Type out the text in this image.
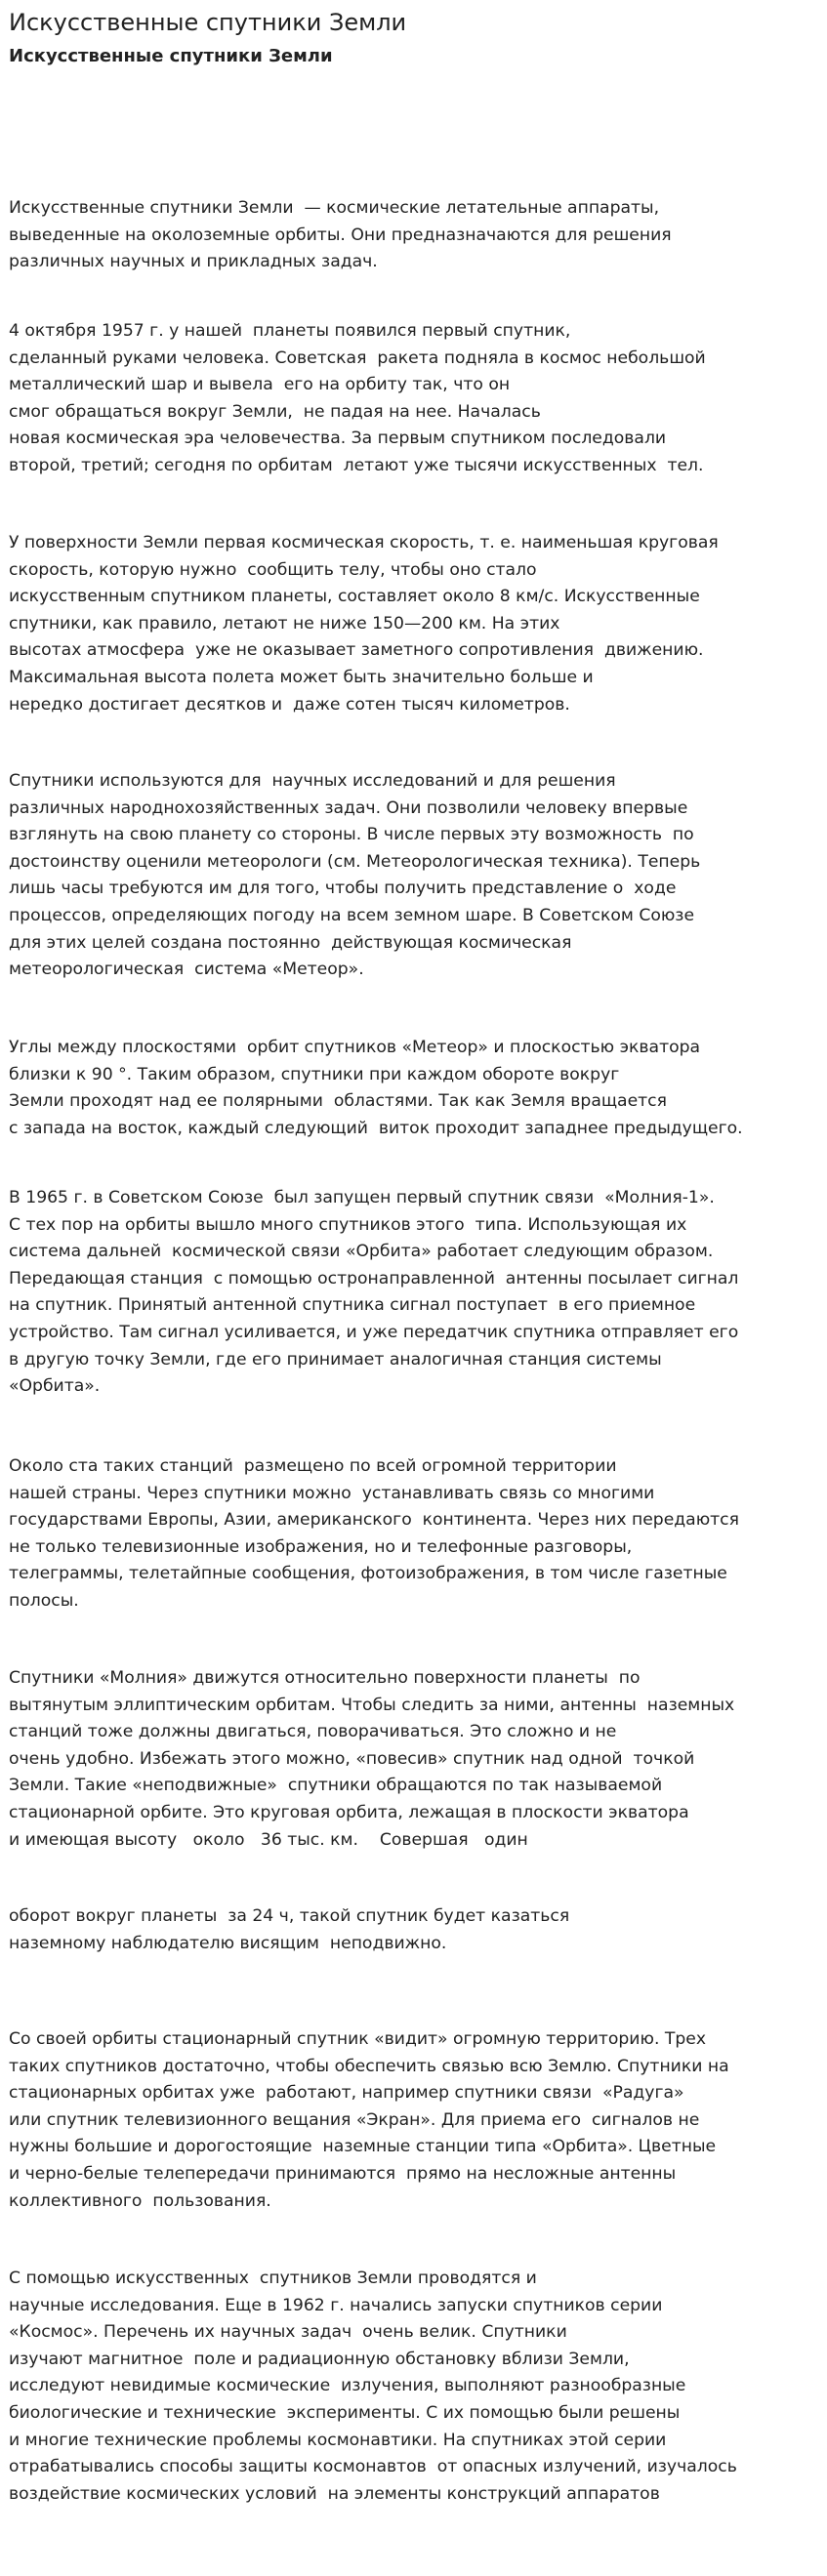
Искусственные спутники Земли
Искусственные спутники Земли
Искусственные спутники Земли  — космические летательные аппараты,
выведенные на околоземные орбиты. Они предназначаются для решения
различных научных и прикладных задач.
4 октября 1957 г. у нашей  планеты появился первый спутник,
сделанный руками человека. Советская  ракета подняла в космос небольшой
металлический шар и вывела  его на орбиту так, что он
смог обращаться вокруг Земли,  не падая на нее. Началась
новая космическая эра человечества. За первым спутником последовали
второй, третий; сегодня по орбитам  летают уже тысячи искусственных  тел.
У поверхности Земли первая космическая скорость, т. е. наименьшая круговая
скорость, которую нужно  сообщить телу, чтобы оно стало
искусственным спутником планеты, составляет около 8 км/с. Искусственные
спутники, как правило, летают не ниже 150—200 км. На этих
высотах атмосфера  уже не оказывает заметного сопротивления  движению.
Максимальная высота полета может быть значительно больше и
нередко достигает десятков и  даже сотен тысяч километров.
Спутники используются для  научных исследований и для решения
различных народнохозяйственных задач. Они позволили человеку впервые
взглянуть на свою планету со стороны. В числе первых эту возможность  по
достоинству оценили метеорологи (см. Метеорологическая техника). Теперь
лишь часы требуются им для того, чтобы получить представление о  ходе
процессов, определяющих погоду на всем земном шаре. В Советском Союзе
для этих целей создана постоянно  действующая космическая
метеорологическая  система «Метеор».
Углы между плоскостями  орбит спутников «Метеор» и плоскостью экватора
близки к 90 °. Таким образом, спутники при каждом обороте вокруг
Земли проходят над ее полярными  областями. Так как Земля вращается
с запада на восток, каждый следующий  виток проходит западнее предыдущего.
В 1965 г. в Советском Союзе  был запущен первый спутник связи  «Молния-1».
С тех пор на орбиты вышло много спутников этого  типа. Использующая их
система дальней  космической связи «Орбита» работает следующим образом.
Передающая станция  с помощью остронаправленной  антенны посылает сигнал
на спутник. Принятый антенной спутника сигнал поступает  в его приемное
устройство. Там сигнал усиливается, и уже передатчик спутника отправляет его
в другую точку Земли, где его принимает аналогичная станция системы
«Орбита».
Около ста таких станций  размещено по всей огромной территории
нашей страны. Через спутники можно  устанавливать связь со многими
государствами Европы, Азии, американского  континента. Через них передаются
не только телевизионные изображения, но и телефонные разговоры,
телеграммы, телетайпные сообщения, фотоизображения, в том числе газетные
полосы.
Спутники «Молния» движутся относительно поверхности планеты  по
вытянутым эллиптическим орбитам. Чтобы следить за ними, антенны  наземных
станций тоже должны двигаться, поворачиваться. Это сложно и не
очень удобно. Избежать этого можно, «повесив» спутник над одной  точкой
Земли. Такие «неподвижные»  спутники обращаются по так называемой
стационарной орбите. Это круговая орбита, лежащая в плоскости экватора
и имеющая высоту   около   36 тыс. км.    Совершая   один
оборот вокруг планеты  за 24 ч, такой спутник будет казаться
наземному наблюдателю висящим  неподвижно.
Со своей орбиты стационарный спутник «видит» огромную территорию. Трех
таких спутников достаточно, чтобы обеспечить связью всю Землю. Спутники на
стационарных орбитах уже  работают, например спутники связи  «Радуга»
или спутник телевизионного вещания «Экран». Для приема его  сигналов не
нужны большие и дорогостоящие  наземные станции типа «Орбита». Цветные
и черно-белые телепередачи принимаются  прямо на несложные антенны
коллективного  пользования.
С помощью искусственных  спутников Земли проводятся и
научные исследования. Еще в 1962 г. начались запуски спутников серии
«Космос». Перечень их научных задач  очень велик. Спутники
изучают магнитное  поле и радиационную обстановку вблизи Земли,
исследуют невидимые космические  излучения, выполняют разнообразные
биологические и технические  эксперименты. С их помощью были решены
и многие технические проблемы космонавтики. На спутниках этой серии
отрабатывались способы защиты космонавтов  от опасных излучений, изучалось
воздействие космических условий  на элементы конструкций аппаратов
